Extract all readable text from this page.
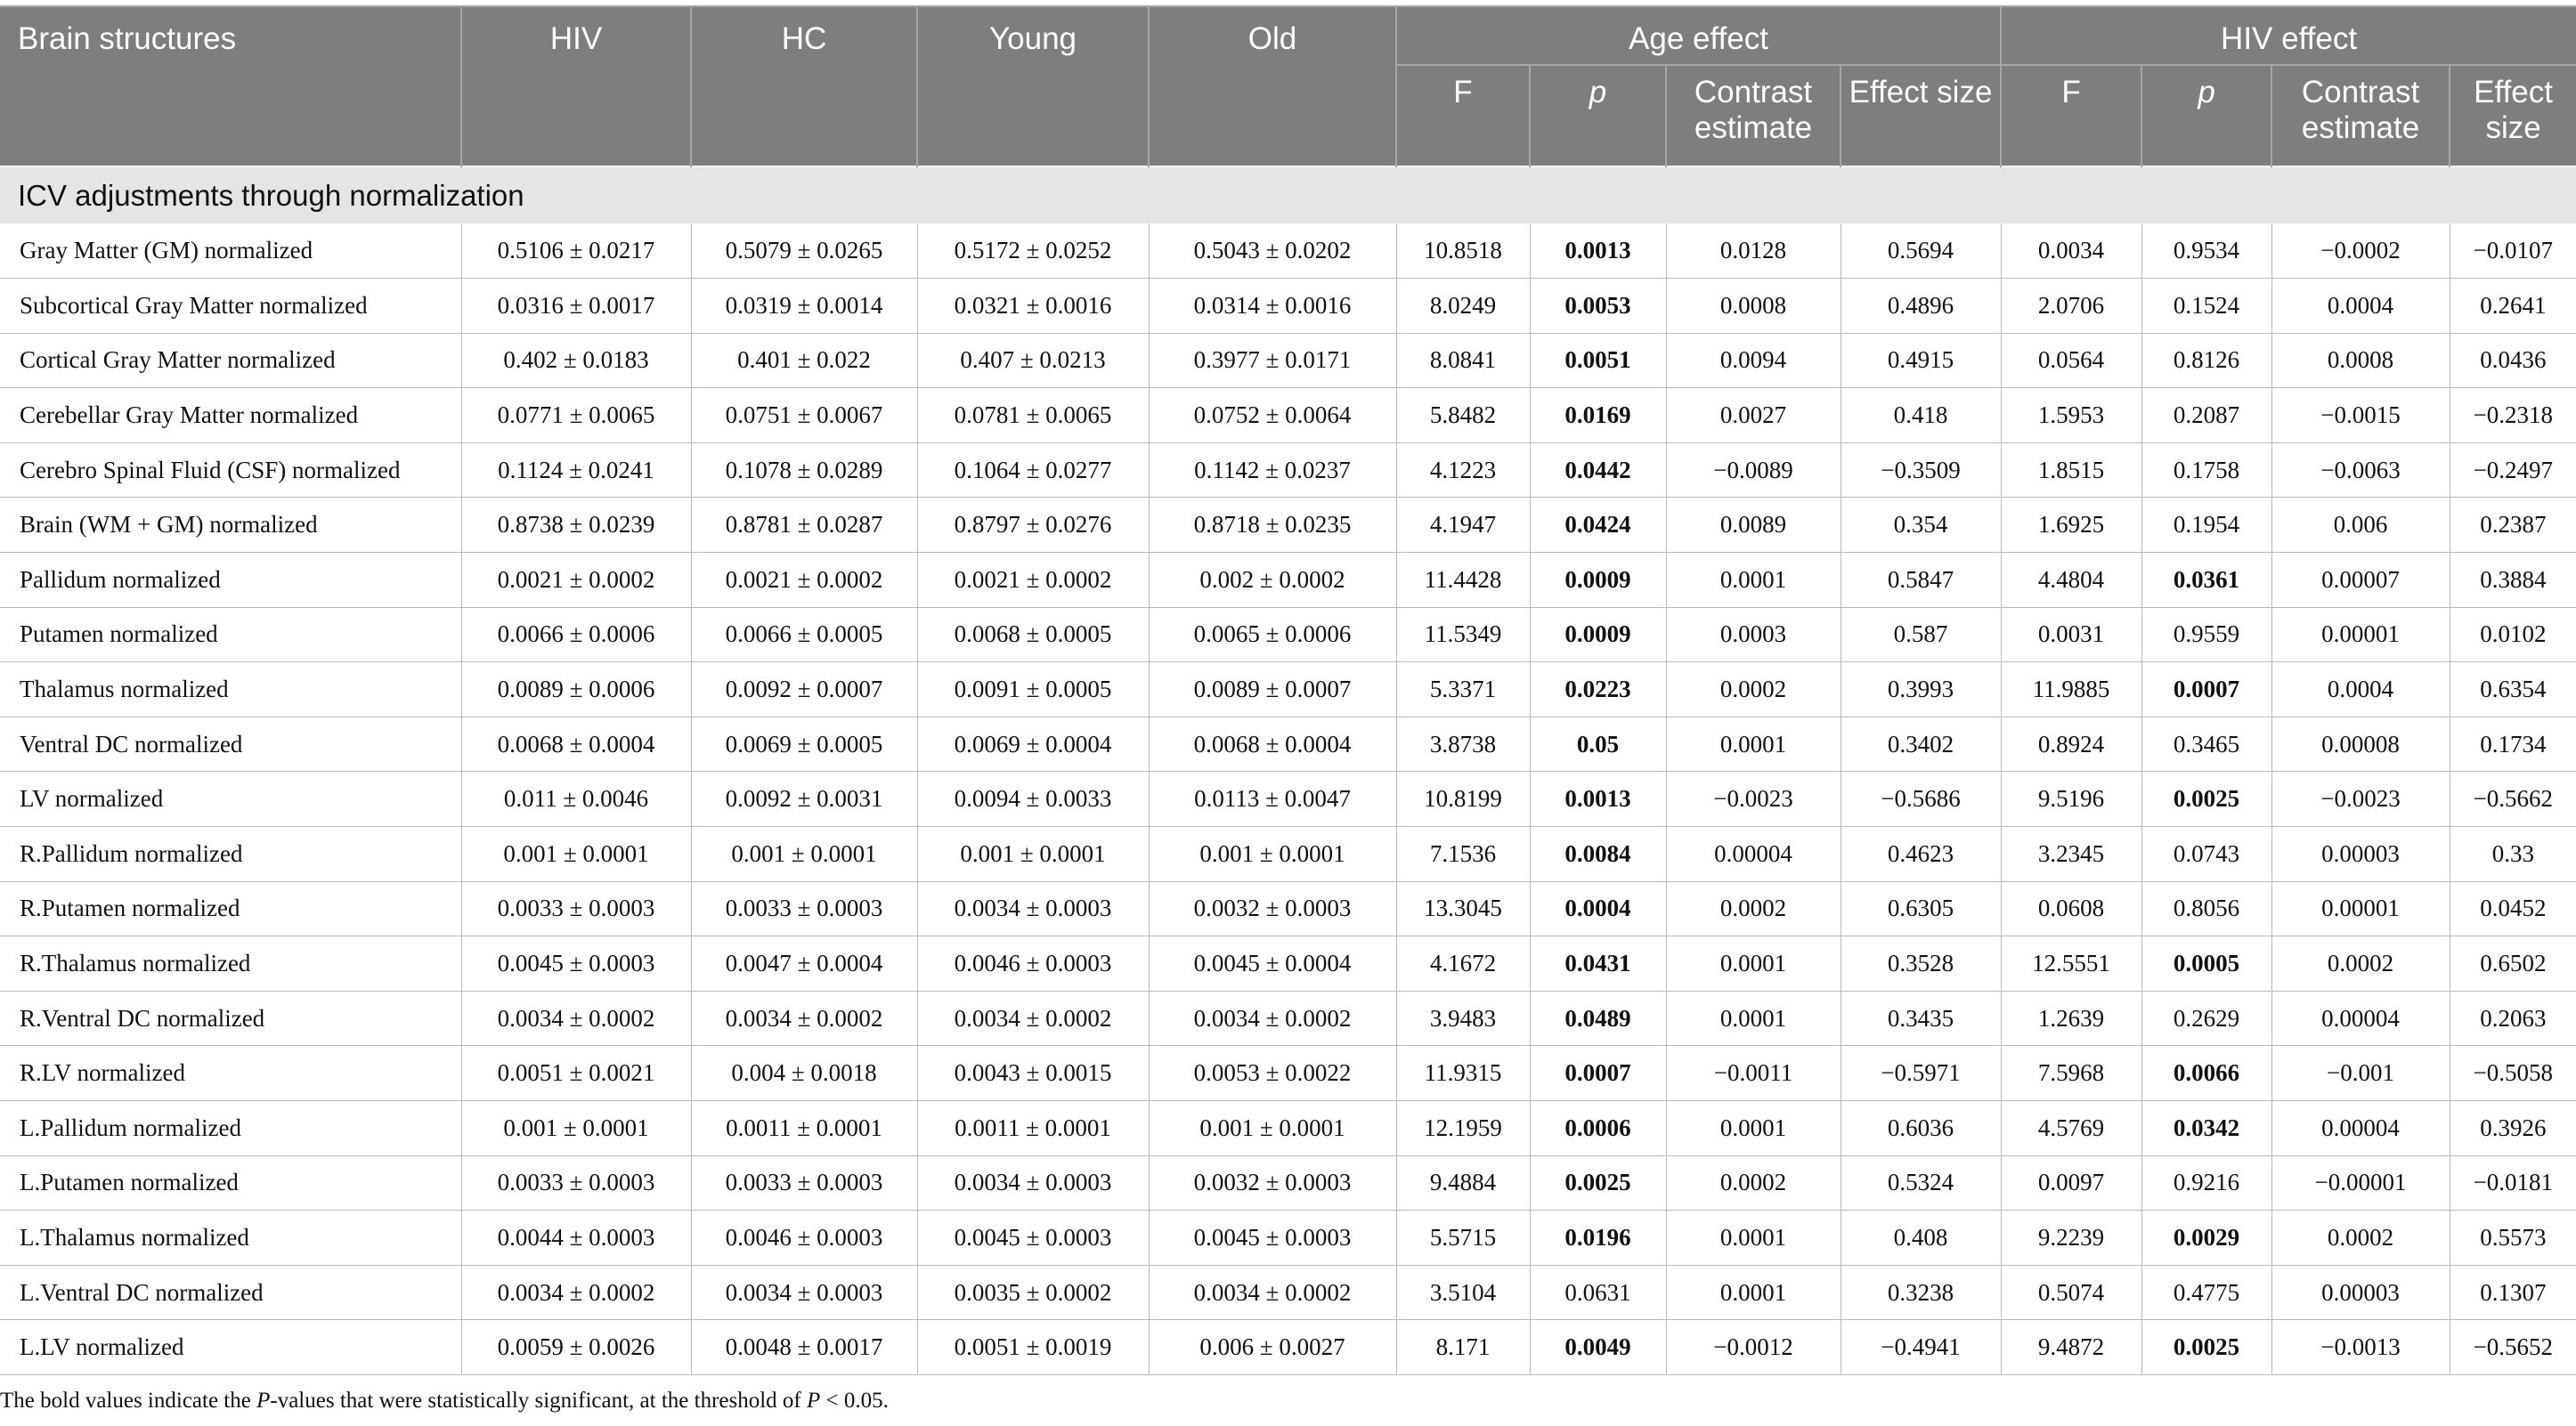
Brain structures	HIV	HC	Young	Old	Age effect				HIV effect			
					F	p	Contrast estimate	Effect size	F	p	Contrast estimate	Effect size
ICV adjustments through normalization												
Gray Matter (GM) normalized	0.5106 ± 0.0217	0.5079 ± 0.0265	0.5172 ± 0.0252	0.5043 ± 0.0202	10.8518	0.0013	0.0128	0.5694	0.0034	0.9534	−0.0002	−0.0107
Subcortical Gray Matter normalized	0.0316 ± 0.0017	0.0319 ± 0.0014	0.0321 ± 0.0016	0.0314 ± 0.0016	8.0249	0.0053	0.0008	0.4896	2.0706	0.1524	0.0004	0.2641
Cortical Gray Matter normalized	0.402 ± 0.0183	0.401 ± 0.022	0.407 ± 0.0213	0.3977 ± 0.0171	8.0841	0.0051	0.0094	0.4915	0.0564	0.8126	0.0008	0.0436
Cerebellar Gray Matter normalized	0.0771 ± 0.0065	0.0751 ± 0.0067	0.0781 ± 0.0065	0.0752 ± 0.0064	5.8482	0.0169	0.0027	0.418	1.5953	0.2087	−0.0015	−0.2318
Cerebro Spinal Fluid (CSF) normalized	0.1124 ± 0.0241	0.1078 ± 0.0289	0.1064 ± 0.0277	0.1142 ± 0.0237	4.1223	0.0442	−0.0089	−0.3509	1.8515	0.1758	−0.0063	−0.2497
Brain (WM + GM) normalized	0.8738 ± 0.0239	0.8781 ± 0.0287	0.8797 ± 0.0276	0.8718 ± 0.0235	4.1947	0.0424	0.0089	0.354	1.6925	0.1954	0.006	0.2387
Pallidum normalized	0.0021 ± 0.0002	0.0021 ± 0.0002	0.0021 ± 0.0002	0.002 ± 0.0002	11.4428	0.0009	0.0001	0.5847	4.4804	0.0361	0.00007	0.3884
Putamen normalized	0.0066 ± 0.0006	0.0066 ± 0.0005	0.0068 ± 0.0005	0.0065 ± 0.0006	11.5349	0.0009	0.0003	0.587	0.0031	0.9559	0.00001	0.0102
Thalamus normalized	0.0089 ± 0.0006	0.0092 ± 0.0007	0.0091 ± 0.0005	0.0089 ± 0.0007	5.3371	0.0223	0.0002	0.3993	11.9885	0.0007	0.0004	0.6354
Ventral DC normalized	0.0068 ± 0.0004	0.0069 ± 0.0005	0.0069 ± 0.0004	0.0068 ± 0.0004	3.8738	0.05	0.0001	0.3402	0.8924	0.3465	0.00008	0.1734
LV normalized	0.011 ± 0.0046	0.0092 ± 0.0031	0.0094 ± 0.0033	0.0113 ± 0.0047	10.8199	0.0013	−0.0023	−0.5686	9.5196	0.0025	−0.0023	−0.5662
R.Pallidum normalized	0.001 ± 0.0001	0.001 ± 0.0001	0.001 ± 0.0001	0.001 ± 0.0001	7.1536	0.0084	0.00004	0.4623	3.2345	0.0743	0.00003	0.33
R.Putamen normalized	0.0033 ± 0.0003	0.0033 ± 0.0003	0.0034 ± 0.0003	0.0032 ± 0.0003	13.3045	0.0004	0.0002	0.6305	0.0608	0.8056	0.00001	0.0452
R.Thalamus normalized	0.0045 ± 0.0003	0.0047 ± 0.0004	0.0046 ± 0.0003	0.0045 ± 0.0004	4.1672	0.0431	0.0001	0.3528	12.5551	0.0005	0.0002	0.6502
R.Ventral DC normalized	0.0034 ± 0.0002	0.0034 ± 0.0002	0.0034 ± 0.0002	0.0034 ± 0.0002	3.9483	0.0489	0.0001	0.3435	1.2639	0.2629	0.00004	0.2063
R.LV normalized	0.0051 ± 0.0021	0.004 ± 0.0018	0.0043 ± 0.0015	0.0053 ± 0.0022	11.9315	0.0007	−0.0011	−0.5971	7.5968	0.0066	−0.001	−0.5058
L.Pallidum normalized	0.001 ± 0.0001	0.0011 ± 0.0001	0.0011 ± 0.0001	0.001 ± 0.0001	12.1959	0.0006	0.0001	0.6036	4.5769	0.0342	0.00004	0.3926
L.Putamen normalized	0.0033 ± 0.0003	0.0033 ± 0.0003	0.0034 ± 0.0003	0.0032 ± 0.0003	9.4884	0.0025	0.0002	0.5324	0.0097	0.9216	−0.00001	−0.0181
L.Thalamus normalized	0.0044 ± 0.0003	0.0046 ± 0.0003	0.0045 ± 0.0003	0.0045 ± 0.0003	5.5715	0.0196	0.0001	0.408	9.2239	0.0029	0.0002	0.5573
L.Ventral DC normalized	0.0034 ± 0.0002	0.0034 ± 0.0003	0.0035 ± 0.0002	0.0034 ± 0.0002	3.5104	0.0631	0.0001	0.3238	0.5074	0.4775	0.00003	0.1307
L.LV normalized	0.0059 ± 0.0026	0.0048 ± 0.0017	0.0051 ± 0.0019	0.006 ± 0.0027	8.171	0.0049	−0.0012	−0.4941	9.4872	0.0025	−0.0013	−0.5652
The bold values indicate the P-values that were statistically significant, at the threshold of P < 0.05.
